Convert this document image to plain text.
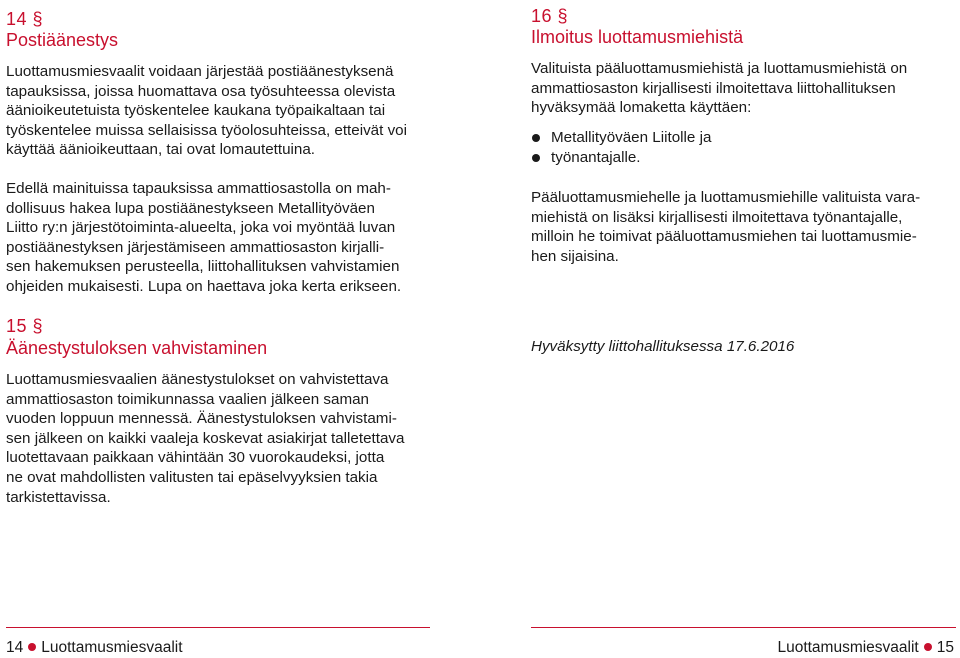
14 §
Postiäänestys

Luottamusmiesvaalit voidaan järjestää postiäänestyksenä
tapauksissa, joissa huomattava osa työsuhteessa olevista
äänioikeutetuista työskentelee kaukana työpaikaltaan tai
työskentelee muissa sellaisissa työolosuhteissa, etteivät voi
käyttää äänioikeuttaan, tai ovat lomautettuina.

Edellä mainituissa tapauksissa ammattiosastolla on mah-
dollisuus hakea lupa postiäänestykseen Metallityöväen
Liitto ry:n järjestötoiminta-alueelta, joka voi myöntää luvan
postiäänestyksen järjestämiseen ammattiosaston kirjalli-
sen hakemuksen perusteella, liittohallituksen vahvistamien
ohjeiden mukaisesti. Lupa on haettava joka kerta erikseen.

15 §
Äänestystuloksen vahvistaminen

Luottamusmiesvaalien äänestystulokset on vahvistettava
ammattiosaston toimikunnassa vaalien jälkeen saman
vuoden loppuun mennessä. Äänestystuloksen vahvistami-
sen jälkeen on kaikki vaaleja koskevat asiakirjat talletettava
luotettavaan paikkaan vähintään 30 vuorokaudeksi, jotta
ne ovat mahdollisten valitusten tai epäselvyyksien takia
tarkistettavissa.

16 §
Ilmoitus luottamusmiehistä

Valituista pääluottamusmiehistä ja luottamusmiehistä on
ammattiosaston kirjallisesti ilmoitettava liittohallituksen
hyväksymää lomaketta käyttäen:

Metallityöväen Liitolle ja
työnantajalle.

Pääluottamusmiehelle ja luottamusmiehille valituista vara-
miehistä on lisäksi kirjallisesti ilmoitettava työnantajalle,
milloin he toimivat pääluottamusmiehen tai luottamusmie-
hen sijaisina.

Hyväksytty liittohallituksessa 17.6.2016
14 Luottamusmiesvaalit	Luottamusmiesvaalit 15
